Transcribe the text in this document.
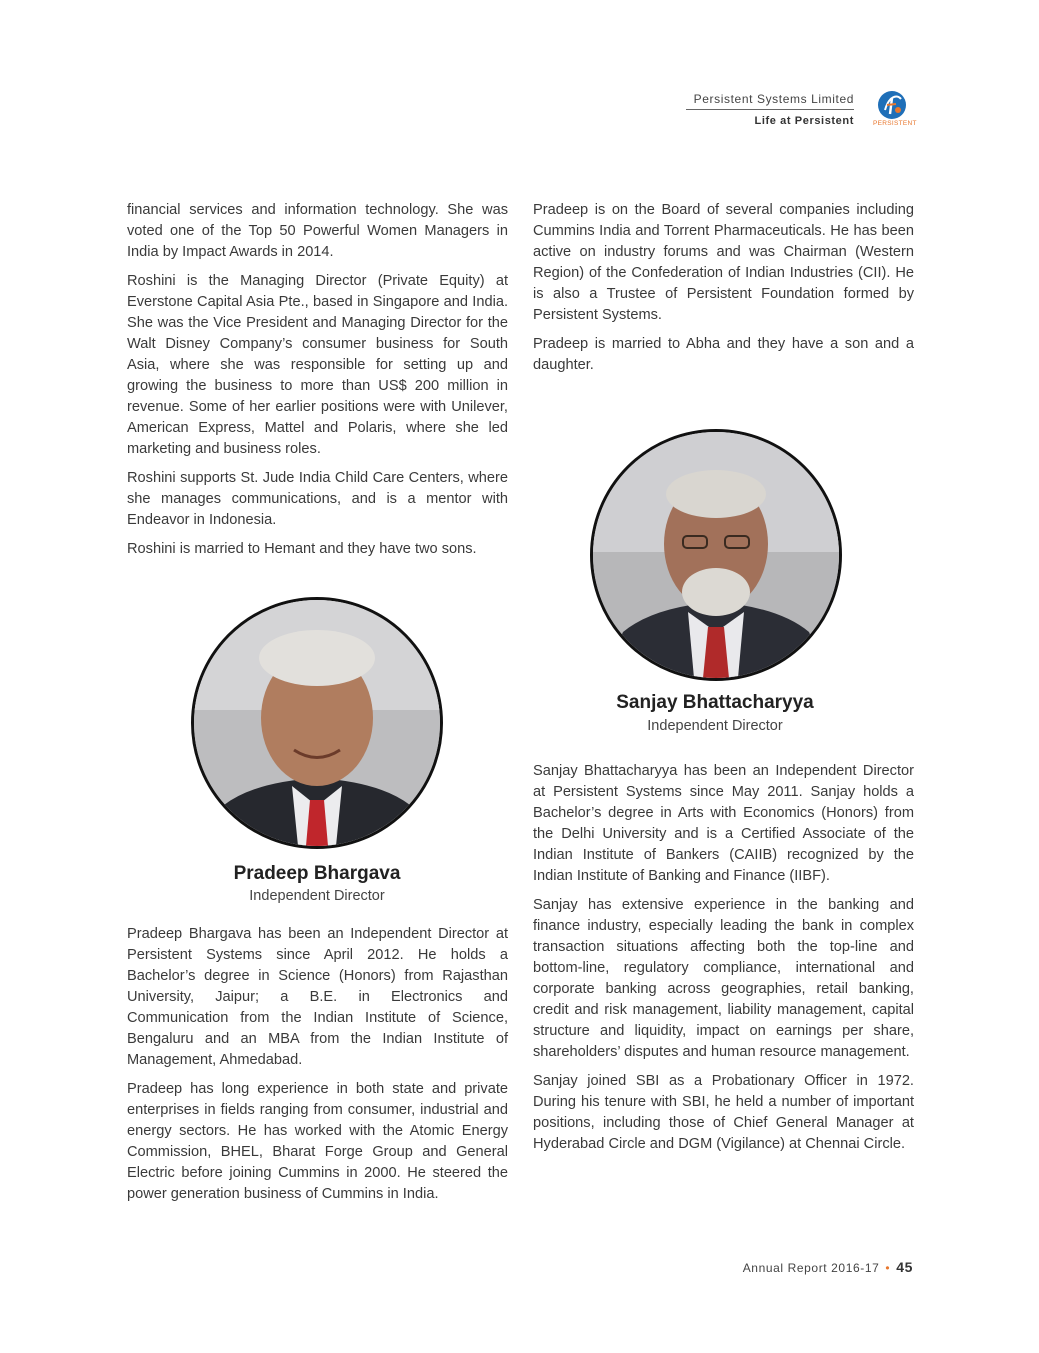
Persistent Systems Limited
Life at Persistent	PERSISTENT

financial services and information technology. She was voted one of the Top 50 Powerful Women Managers in India by Impact Awards in 2014.

Roshini is the Managing Director (Private Equity) at Everstone Capital Asia Pte., based in Singapore and India. She was the Vice President and Managing Director for the Walt Disney Company’s consumer business for South Asia, where she was responsible for setting up and growing the business to more than US$ 200 million in revenue. Some of her earlier positions were with Unilever, American Express, Mattel and Polaris, where she led marketing and business roles.

Roshini supports St. Jude India Child Care Centers, where she manages communications, and is a mentor with Endeavor in Indonesia.

Roshini is married to Hemant and they have two sons.

Pradeep is on the Board of several companies including Cummins India and Torrent Pharmaceuticals. He has been active on industry forums and was Chairman (Western Region) of the Confederation of Indian Industries (CII). He is also a Trustee of Persistent Foundation formed by Persistent Systems.

Pradeep is married to Abha and they have a son and a daughter.

Sanjay Bhattacharyya
Independent Director

Sanjay Bhattacharyya has been an Independent Director at Persistent Systems since May 2011. Sanjay holds a Bachelor’s degree in Arts with Economics (Honors) from the Delhi University and is a Certified Associate of the Indian Institute of Bankers (CAIIB) recognized by the Indian Institute of Banking and Finance (IIBF).

Sanjay has extensive experience in the banking and finance industry, especially leading the bank in complex transaction situations affecting both the top-line and bottom-line, regulatory compliance, international and corporate banking across geographies, retail banking, credit and risk management, liability management, capital structure and liquidity, impact on earnings per share, shareholders’ disputes and human resource management.

Sanjay joined SBI as a Probationary Officer in 1972. During his tenure with SBI, he held a number of important positions, including those of Chief General Manager at Hyderabad Circle and DGM (Vigilance) at Chennai Circle.

Pradeep Bhargava
Independent Director

Pradeep Bhargava has been an Independent Director at Persistent Systems since April 2012. He holds a Bachelor’s degree in Science (Honors) from Rajasthan University, Jaipur; a B.E. in Electronics and Communication from the Indian Institute of Science, Bengaluru and an MBA from the Indian Institute of Management, Ahmedabad.

Pradeep has long experience in both state and private enterprises in fields ranging from consumer, industrial and energy sectors. He has worked with the Atomic Energy Commission, BHEL, Bharat Forge Group and General Electric before joining Cummins in 2000. He steered the power generation business of Cummins in India.

Annual Report 2016-17 • 45
